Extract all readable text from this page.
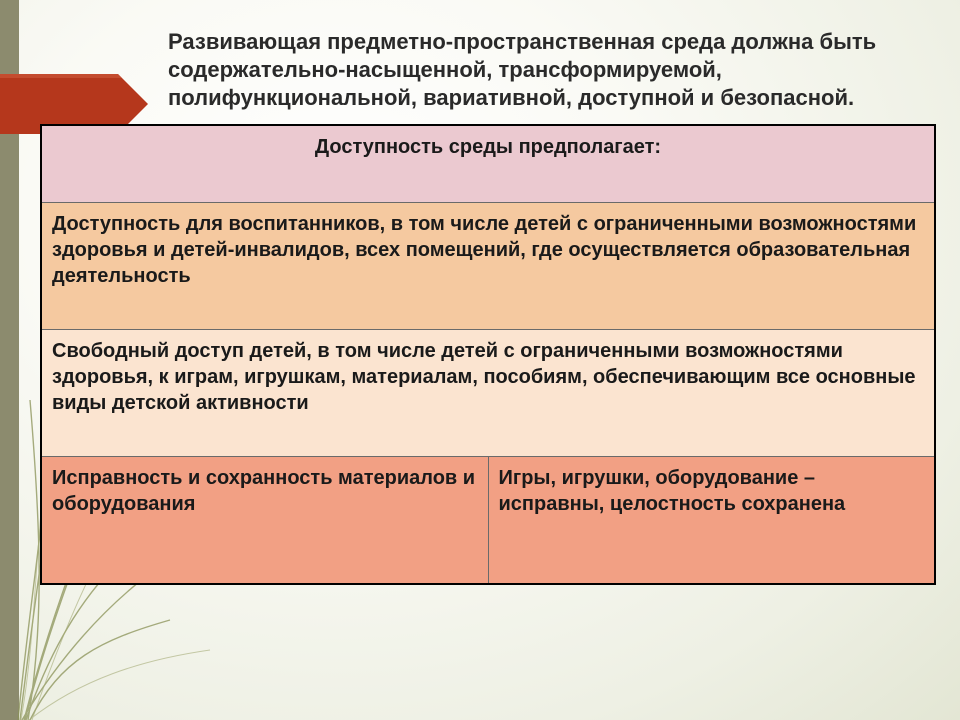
Развивающая предметно-пространственная среда должна быть содержательно-насыщенной, трансформируемой, полифункциональной, вариативной, доступной и безопасной.
Доступность среды предполагает:
Доступность для воспитанников, в том числе детей с ограниченными возможностями здоровья и детей-инвалидов, всех помещений, где осуществляется образовательная деятельность
Свободный доступ детей, в том числе детей с ограниченными возможностями здоровья, к играм, игрушкам, материалам, пособиям, обеспечивающим все основные виды детской активности
Исправность и сохранность материалов и оборудования	Игры, игрушки, оборудование – исправны, целостность сохранена
